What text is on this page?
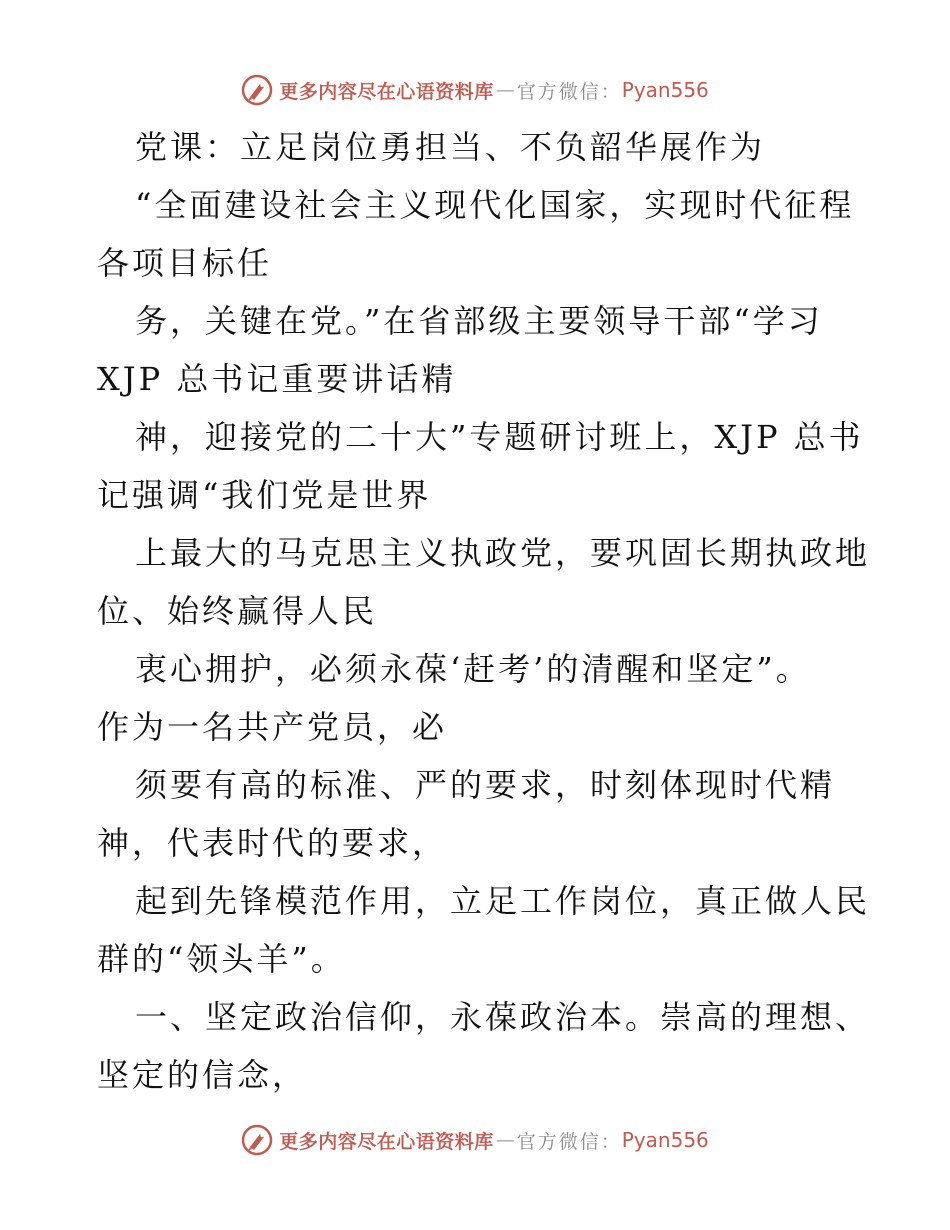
更多内容尽在心语资料库 — 官方微信 ： Pyan556
党课：立足岗位勇担当、不负韶华展作为
“全面建设社会主义现代化国家，实现时代征程
各项目标任
务，关键在党。”在省部级主要领导干部“学习
XJP 总书记重要讲话精
神，迎接党的二十大”专题研讨班上，XJP 总书
记强调“我们党是世界
上最大的马克思主义执政党，要巩固长期执政地
位、始终赢得人民
衷心拥护，必须永葆‘赶考’的清醒和坚定”。
作为一名共产党员，必
须要有高的标准、严的要求，时刻体现时代精
神，代表时代的要求，
起到先锋模范作用，立足工作岗位，真正做人民
群的“领头羊”。
一、坚定政治信仰，永葆政治本。崇高的理想、
坚定的信念，
更多内容尽在心语资料库 — 官方微信 ： Pyan556
